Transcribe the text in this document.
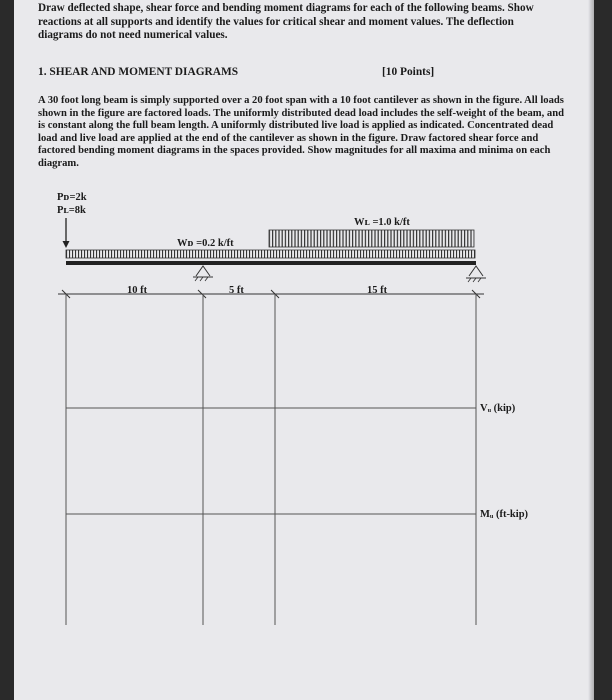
Draw deflected shape, shear force and bending moment diagrams for each of the following beams. Show reactions at all supports and identify the values for critical shear and moment values. The deflection diagrams do not need numerical values.
1. SHEAR AND MOMENT DIAGRAMS	[10 Points]
A 30 foot long beam is simply supported over a 20 foot span with a 10 foot cantilever as shown in the figure. All loads shown in the figure are factored loads. The uniformly distributed dead load includes the self-weight of the beam, and is constant along the full beam length. A uniformly distributed live load is applied as indicated. Concentrated dead load and live load are applied at the end of the cantilever as shown in the figure. Draw factored shear force and factored bending moment diagrams in the spaces provided. Show magnitudes for all maxima and minima on each diagram.
Pᴅ=2k
Pʟ=8k
Wʟ =1.0 k/ft
Wᴅ =0.2 k/ft
10 ft	5 ft	15 ft
Vᵤ (kip)
Mᵤ (ft-kip)
